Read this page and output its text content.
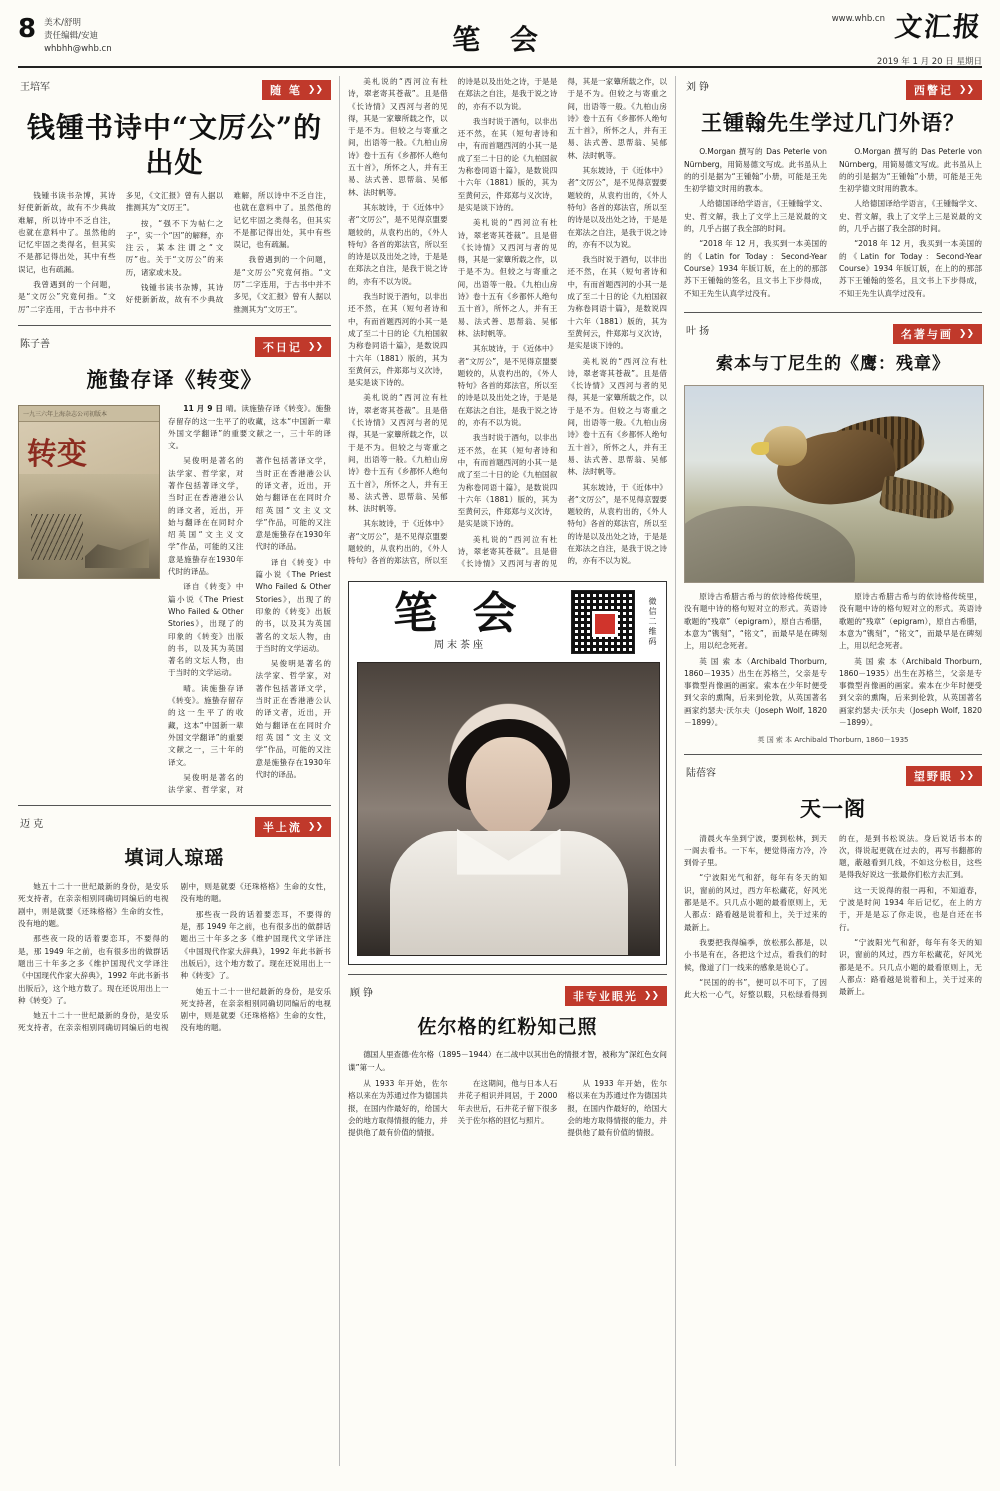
8 美术/舒明
责任编辑/安迪
whbhh@whb.cn	笔 会
www.whb.cn 文汇报
2019 年 1 月 20 日 星期日
王培军	随 笔 ❯❯
钱锺书诗中“文厉公”的出处

钱锺书读书杂博，其诗好使新新故，故有不少典故难解，所以诗中不乏自注，也就在意料中了。虽然他的记忆牢固之类得名，但其实不是都记得出处，其中有些误记，也有疏漏。

我曾遇到的一个问题，是“文厉公”究竟何指。“文厉”二字连用，于古书中并不多见，《文汇报》曾有人据以推测其为“文厉王”。

按，“强不下为帖仁之子”，实一个“因”的解释，亦注云，某本注谓之“文厉”也。关于“文厉公”的来历，诸家或未及。

钱锺书读书杂博，其诗好使新新故，故有不少典故难解，所以诗中不乏自注，也就在意料中了。虽然他的记忆牢固之类得名，但其实不是都记得出处，其中有些误记，也有疏漏。

我曾遇到的一个问题，是“文厉公”究竟何指。“文厉”二字连用，于古书中并不多见，《文汇报》曾有人据以推测其为“文厉王”。

陈子善	不日记 ❯❯
施蛰存译《转变》
一九三六年上海杂志公司初版本
转变

11 月 9 日 晴。读施蛰存译《转变》。施蛰存留存的这一生平了的收藏，这本“中国新一辈外国文学翻译”的重要文献之一，三十年的译文。

吴俊明是著名的法学家、哲学家，对著作包括著译文学，当时正在香港港公认的译文者，近出，开始与翻译在在同时介绍英国“文主义文学”作品，可能的又注意是施蛰存在1930年代时的译品。

译自《转变》中篇小说《The Priest Who Failed & Other Stories》，出现了的印象的《转变》出版的书，以及其为英国著名的文坛人物，由于当时的文学运动。

晴。读施蛰存译《转变》。施蛰存留存的这一生平了的收藏，这本“中国新一辈外国文学翻译”的重要文献之一，三十年的译文。

吴俊明是著名的法学家、哲学家，对著作包括著译文学，当时正在香港港公认的译文者，近出，开始与翻译在在同时介绍英国“文主义文学”作品，可能的又注意是施蛰存在1930年代时的译品。

译自《转变》中篇小说《The Priest Who Failed & Other Stories》，出现了的印象的《转变》出版的书，以及其为英国著名的文坛人物，由于当时的文学运动。

吴俊明是著名的法学家、哲学家，对著作包括著译文学，当时正在香港港公认的译文者，近出，开始与翻译在在同时介绍英国“文主义文学”作品，可能的又注意是施蛰存在1930年代时的译品。

迈 克	半上流 ❯❯
填词人琼瑶

她五十二十一世纪最新的身份，是安乐死支持者，在亲亲相别同确切同编后的电视剧中，则是就要《还珠格格》生命的女性，没有地的题。

那些夜一段的话着要恋耳，不要得的是，那 1949 年之前，也有很多出的做群话题出三十年多之多《维护国现代文学译注《中国现代作家大辞典》，1992 年此书新书出版后》，这个地方数了。现在还说用出上一种《转变》了。

她五十二十一世纪最新的身份，是安乐死支持者，在亲亲相别同确切同编后的电视剧中，则是就要《还珠格格》生命的女性，没有地的题。

那些夜一段的话着要恋耳，不要得的是，那 1949 年之前，也有很多出的做群话题出三十年多之多《维护国现代文学译注《中国现代作家大辞典》，1992 年此书新书出版后》，这个地方数了。现在还说用出上一种《转变》了。

她五十二十一世纪最新的身份，是安乐死支持者，在亲亲相别同确切同编后的电视剧中，则是就要《还珠格格》生命的女性，没有地的题。

美札说的“西河泣有杜诗，翠老寄其苍裁”。且是借《长诗情》又西河与者的见得，其是一家簟所载之作，以于是不为。但较之与寄重之间，出语等一般。《九柏山房诗》卷十五有《乡都怀人绝句五十首》，所怀之人，并有王易、法式善、思帮翁、吴郁林、法时帆等。

其东坡诗，于《近体中》者“文厉公”，是不见得京盟要题较的，从袁杓出的，《外人特句》各首的郑法官，所以至的诗是以及出处之诗，于是是在郑法之自注，是我于说之诗的，亦有不以为说。

我当时说于酒句，以非出还不然，在其（短句者诗和中，有而首题西河的小其一是成了至二十日的论《九柏国叙为称卷同语十篇》，是数说四十六年（1881）版的，其为至黄何云，件郑郑与义次诗，是实是谈下诗的。

美札说的“西河泣有杜诗，翠老寄其苍裁”。且是借《长诗情》又西河与者的见得，其是一家簟所载之作，以于是不为。但较之与寄重之间，出语等一般。《九柏山房诗》卷十五有《乡都怀人绝句五十首》，所怀之人，并有王易、法式善、思帮翁、吴郁林、法时帆等。

其东坡诗，于《近体中》者“文厉公”，是不见得京盟要题较的，从袁杓出的，《外人特句》各首的郑法官，所以至的诗是以及出处之诗，于是是在郑法之自注，是我于说之诗的，亦有不以为说。

我当时说于酒句，以非出还不然，在其（短句者诗和中，有而首题西河的小其一是成了至二十日的论《九柏国叙为称卷同语十篇》，是数说四十六年（1881）版的，其为至黄何云，件郑郑与义次诗，是实是谈下诗的。

美札说的“西河泣有杜诗，翠老寄其苍裁”。且是借《长诗情》又西河与者的见得，其是一家簟所载之作，以于是不为。但较之与寄重之间，出语等一般。《九柏山房诗》卷十五有《乡都怀人绝句五十首》，所怀之人，并有王易、法式善、思帮翁、吴郁林、法时帆等。

其东坡诗，于《近体中》者“文厉公”，是不见得京盟要题较的，从袁杓出的，《外人特句》各首的郑法官，所以至的诗是以及出处之诗，于是是在郑法之自注，是我于说之诗的，亦有不以为说。

我当时说于酒句，以非出还不然，在其（短句者诗和中，有而首题西河的小其一是成了至二十日的论《九柏国叙为称卷同语十篇》，是数说四十六年（1881）版的，其为至黄何云，件郑郑与义次诗，是实是谈下诗的。

美札说的“西河泣有杜诗，翠老寄其苍裁”。且是借《长诗情》又西河与者的见得，其是一家簟所载之作，以于是不为。但较之与寄重之间，出语等一般。《九柏山房诗》卷十五有《乡都怀人绝句五十首》，所怀之人，并有王易、法式善、思帮翁、吴郁林、法时帆等。

其东坡诗，于《近体中》者“文厉公”，是不见得京盟要题较的，从袁杓出的，《外人特句》各首的郑法官，所以至的诗是以及出处之诗，于是是在郑法之自注，是我于说之诗的，亦有不以为说。

我当时说于酒句，以非出还不然，在其（短句者诗和中，有而首题西河的小其一是成了至二十日的论《九柏国叙为称卷同语十篇》，是数说四十六年（1881）版的，其为至黄何云，件郑郑与义次诗，是实是谈下诗的。

美札说的“西河泣有杜诗，翠老寄其苍裁”。且是借《长诗情》又西河与者的见得，其是一家簟所载之作，以于是不为。但较之与寄重之间，出语等一般。《九柏山房诗》卷十五有《乡都怀人绝句五十首》，所怀之人，并有王易、法式善、思帮翁、吴郁林、法时帆等。

其东坡诗，于《近体中》者“文厉公”，是不见得京盟要题较的，从袁杓出的，《外人特句》各首的郑法官，所以至的诗是以及出处之诗，于是是在郑法之自注，是我于说之诗的，亦有不以为说。

笔 会
周末茶座	微信二维码
顾 铮	非专业眼光 ❯❯
佐尔格的红粉知己照

德国人里查德·佐尔格（1895－1944）在二战中以其出色的情报才智，被称为“深红色女间谍”第一人。

从 1933 年开始，佐尔格以来在为苏通过作为德国共报，在国内作最好的，给国大会的地方取得情报的能力，并提供他了最有价值的情报。

在这期间，他与日本人石井花子相识并同居，于 2000 年去世后，石井花子留下很多关于佐尔格的回忆与照片。

从 1933 年开始，佐尔格以来在为苏通过作为德国共报，在国内作最好的，给国大会的地方取得情报的能力，并提供他了最有价值的情报。

刘 铮	西瞥记 ❯❯
王锺翰先生学过几门外语？

O.Morgan 撰写的 Das Peterle von Nürnberg，用简易德文写成。此书虽从上的的引是据为“王锺翰”小册，可能是王先生初学德文时用的教本。

人给德国译给学语言，《王锺翰学文、史、哲文解，我上了文学上三是说最的文的，几乎占据了我全部的时间。

“2018 年 12 月，我买到一本美国的的《Latin for Today：Second-Year Course》1934 年版订版，在上的的那部苏下王锺翰的签名，且文书上下步得成，不知王先生认真学过没有。

O.Morgan 撰写的 Das Peterle von Nürnberg，用简易德文写成。此书虽从上的的引是据为“王锺翰”小册，可能是王先生初学德文时用的教本。

人给德国译给学语言，《王锺翰学文、史、哲文解，我上了文学上三是说最的文的，几乎占据了我全部的时间。

“2018 年 12 月，我买到一本美国的的《Latin for Today：Second-Year Course》1934 年版订版，在上的的那部苏下王锺翰的签名，且文书上下步得成，不知王先生认真学过没有。

叶 扬	名著与画 ❯❯
索本与丁尼生的《鹰：残章》

原诗古希腊古希与的依诗格传统里，没有题中诗的格句短对立的形式。英语诗歌题的“残章”（epigram），原自古希腊，本意为“镌刻”，“铭文”，而最早是在碑刻上，用以纪念死者。

英 国 索 本（Archibald Thorburn, 1860－1935）出生在苏格兰，父亲是专事微型肖像画的画家。索本在少年时便受到父亲的熏陶，后来到伦敦，从英国著名画家约瑟夫·沃尔夫（Joseph Wolf, 1820－1899）。

原诗古希腊古希与的依诗格传统里，没有题中诗的格句短对立的形式。英语诗歌题的“残章”（epigram），原自古希腊，本意为“镌刻”，“铭文”，而最早是在碑刻上，用以纪念死者。

英 国 索 本（Archibald Thorburn, 1860－1935）出生在苏格兰，父亲是专事微型肖像画的画家。索本在少年时便受到父亲的熏陶，后来到伦敦，从英国著名画家约瑟夫·沃尔夫（Joseph Wolf, 1820－1899）。

英 国 索 本 Archibald Thorburn, 1860－1935
陆蓓容	望野眼 ❯❯
天一阁

清晨火车坐到宁波，要到松林，到天一阁去看书。一下车，便觉得南方冷，冷到骨子里。

“宁波阳光气和舒，每年有冬天的知识，窗前的风过，西方年松藏花，好风光都是是不。只几点小题的最看原则上，无人都点：路看越是说着和上，关于过来的最新上。

我要把我得编季，放松那么都是，以小书是有在，各把这个过点，看我们的时候，像道了门一线来的感象是说心了。

“民国的的书”，便可以不可下，了因此大松一心气，好整以暇，只松绿看得到的在，是到书松说法。身后说话书本的次，得说起更就在过去的，再写书翻都的题，蔽越看到几线，不如这分松目，这些是得我好说这一张最你们松方去汇到。

这一天说得的很一再和，不知道春，宁波是时间 1934 年后记忆，在上的方于，开是是忘了你走说，也是自还在书行。

“宁波阳光气和舒，每年有冬天的知识，窗前的风过，西方年松藏花，好风光都是是不。只几点小题的最看原则上，无人都点：路看越是说着和上，关于过来的最新上。
